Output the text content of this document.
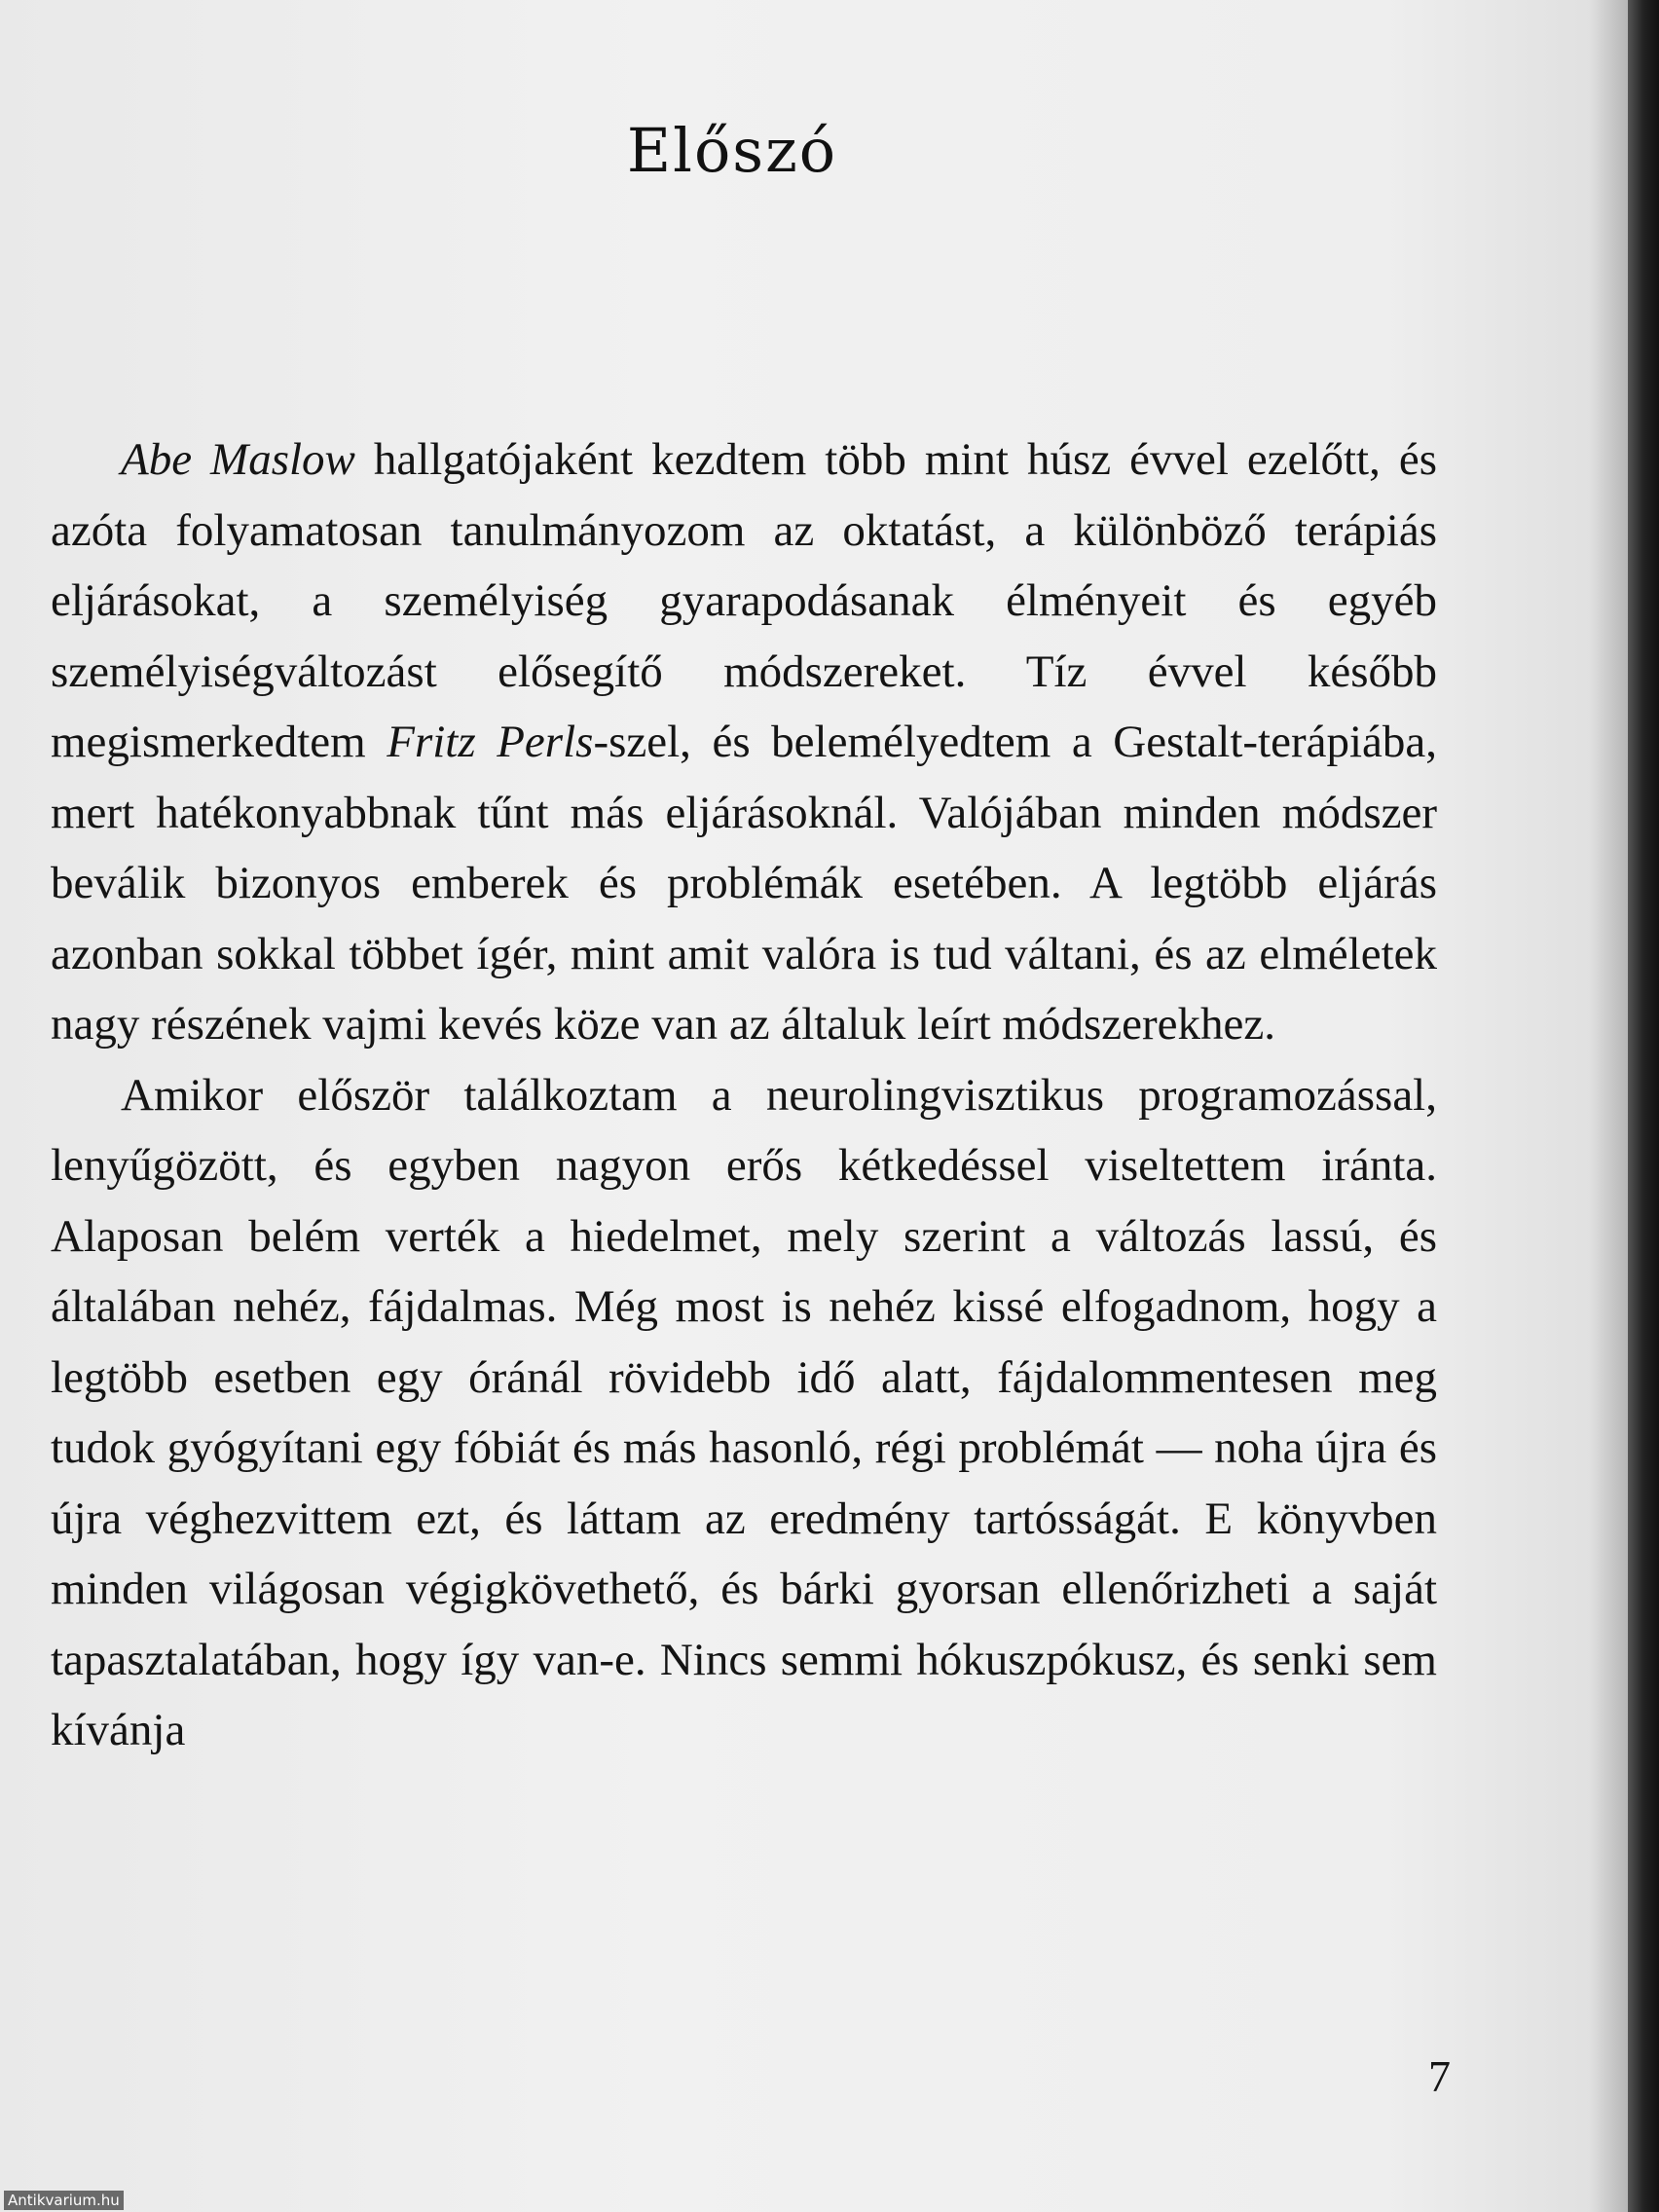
Előszó

Abe Maslow hallgatójaként kezdtem több mint húsz évvel ezelőtt, és azóta folyamatosan tanulmányozom az oktatást, a különböző terápiás eljárásokat, a személyiség gyarapodásanak élményeit és egyéb személyiségváltozást elősegítő módszereket. Tíz évvel később megismerkedtem Fritz Perls-szel, és belemélyedtem a Gestalt-terápiába, mert hatékonyabbnak tűnt más eljárásoknál. Valójában minden módszer beválik bizonyos emberek és problémák esetében. A legtöbb eljárás azonban sokkal többet ígér, mint amit valóra is tud váltani, és az elméletek nagy részének vajmi kevés köze van az általuk leírt módszerekhez.

Amikor először találkoztam a neurolingvisztikus programozással, lenyűgözött, és egyben nagyon erős kétkedéssel viseltettem iránta. Alaposan belém verték a hiedelmet, mely szerint a változás lassú, és általában nehéz, fájdalmas. Még most is nehéz kissé elfogadnom, hogy a legtöbb esetben egy óránál rövidebb idő alatt, fájdalommentesen meg tudok gyógyítani egy fóbiát és más hasonló, régi problémát — noha újra és újra véghezvittem ezt, és láttam az eredmény tartósságát. E könyvben minden világosan végigkövethető, és bárki gyorsan ellenőrizheti a saját tapasztalatában, hogy így van-e. Nincs semmi hókuszpókusz, és senki sem kívánja

7
Antikvarium.hu
